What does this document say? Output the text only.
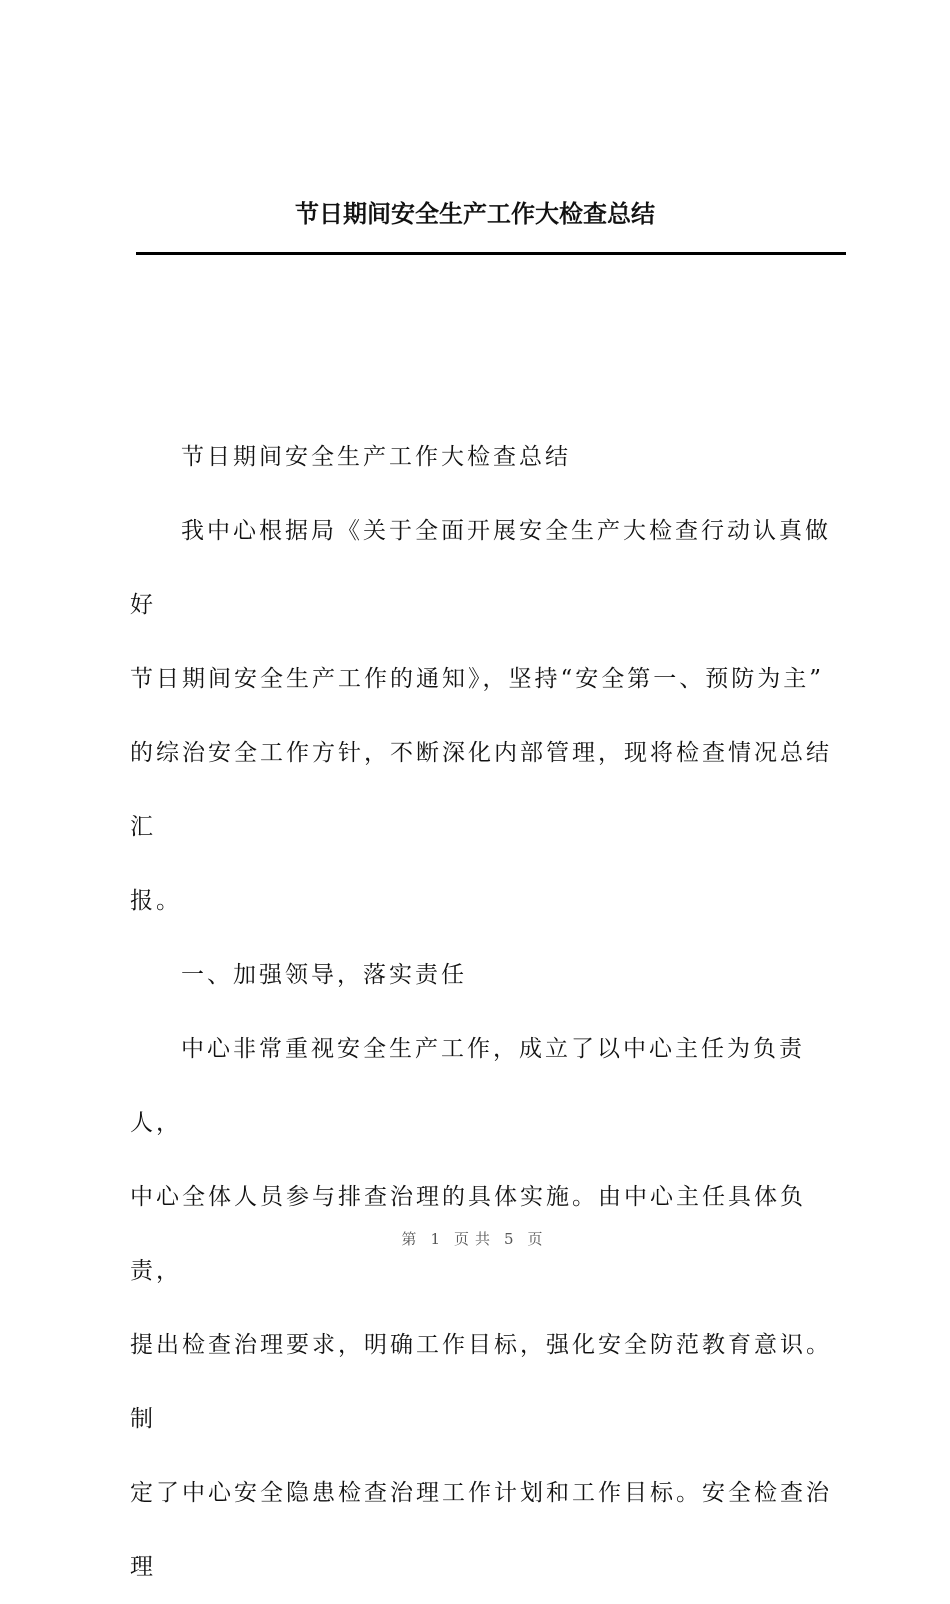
节日期间安全生产工作大检查总结

节日期间安全生产工作大检查总结

我中心根据局《关于全面开展安全生产大检查行动认真做好
节日期间安全生产工作的通知》，坚持“安全第一、预防为主”
的综治安全工作方针，不断深化内部管理，现将检查情况总结汇
报。

一、加强领导，落实责任

中心非常重视安全生产工作，成立了以中心主任为负责人，
中心全体人员参与排查治理的具体实施。由中心主任具体负责，
提出检查治理要求，明确工作目标，强化安全防范教育意识。制
定了中心安全隐患检查治理工作计划和工作目标。安全检查治理

第 1 页共 5 页
